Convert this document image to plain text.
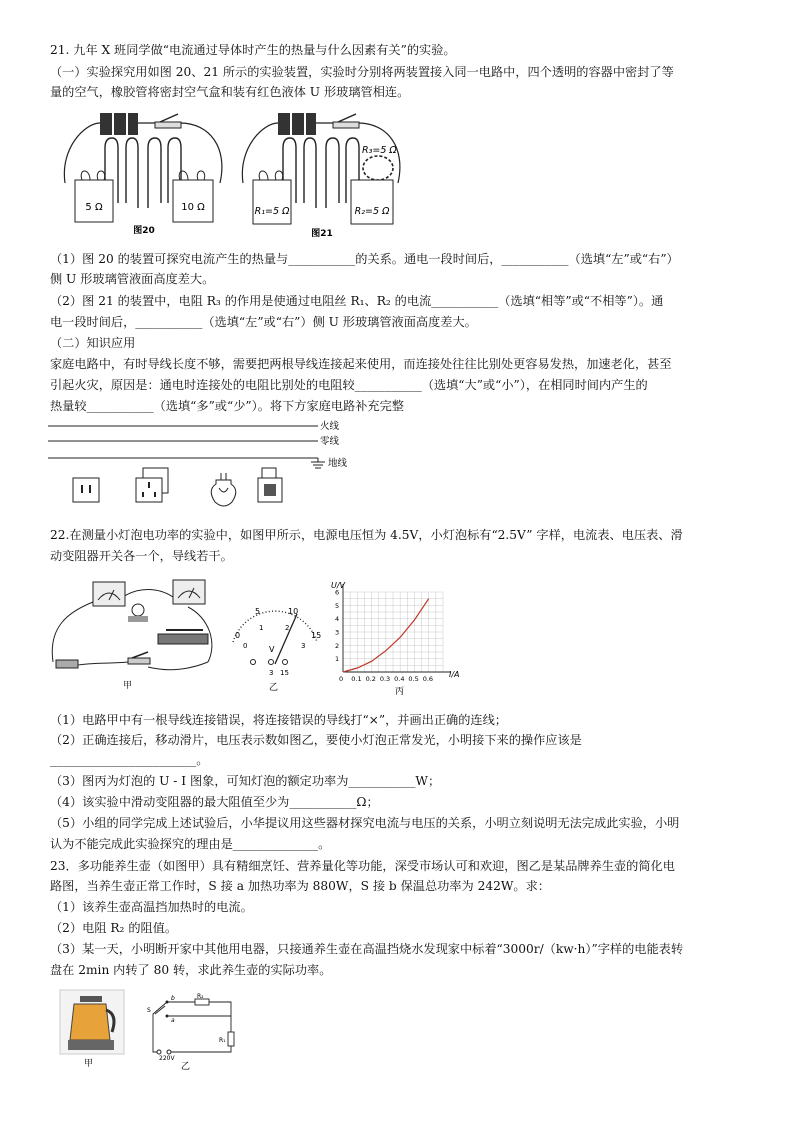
21. 九年 X 班同学做“电流通过导体时产生的热量与什么因素有关”的实验。
（一）实验探究用如图 20、21 所示的实验装置，实验时分别将两装置接入同一电路中，四个透明的容器中密封了等
量的空气，橡胶管将密封空气盒和装有红色液体 U 形玻璃管相连。
5 Ω	10 Ω
图20
R₃=5 Ω
R₁=5 Ω	R₂=5 Ω
图21
（1）图 20 的装置可探究电流产生的热量与___________的关系。通电一段时间后，___________（选填“左”或“右”）
侧 U 形玻璃管液面高度差大。
（2）图 21 的装置中，电阻 R₃ 的作用是使通过电阻丝 R₁、R₂ 的电流___________（选填“相等”或“不相等”）。通
电一段时间后，___________（选填“左”或“右”）侧 U 形玻璃管液面高度差大。
（二）知识应用
家庭电路中，有时导线长度不够，需要把两根导线连接起来使用，而连接处往往比别处更容易发热，加速老化，甚至
引起火灾，原因是：通电时连接处的电阻比别处的电阻较___________（选填“大”或“小”），在相同时间内产生的
热量较___________（选填“多”或“少”）。将下方家庭电路补充完整
火线
零线
地线
22.在测量小灯泡电功率的实验中，如图甲所示，电源电压恒为 4.5V，小灯泡标有“2.5V” 字样，电流表、电压表、滑
动变阻器开关各一个，导线若干。
甲
0
5	10
15
0
1	2
3
V
3 15
乙
0 0.1 0.2 0.3 0.4 0.5 0.6
1
2
3
4
5
6
U/V
I/A
丙
（1）电路甲中有一根导线连接错误，将连接错误的导线打“×”，并画出正确的连线；
（2）正确连接后，移动滑片，电压表示数如图乙，要使小灯泡正常发光，小明接下来的操作应该是
________________________。
（3）图丙为灯泡的 U - I 图象，可知灯泡的额定功率为___________W；
（4）该实验中滑动变阻器的最大阻值至少为___________Ω；
（5）小组的同学完成上述试验后，小华提议用这些器材探究电流与电压的关系，小明立刻说明无法完成此实验，小明
认为不能完成此实验探究的理由是______________。
23．多功能养生壶（如图甲）具有精细烹饪、营养量化等功能，深受市场认可和欢迎，图乙是某品牌养生壶的简化电
路图，当养生壶正常工作时，S 接 a 加热功率为 880W，S 接 b 保温总功率为 242W。求：
（1）该养生壶高温挡加热时的电流。
（2）电阻 R₂ 的阻值。
（3）某一天，小明断开家中其他用电器，只接通养生壶在高温挡烧水发现家中标着“3000r/（kw·h）”字样的电能表转
盘在 2min 内转了 80 转，求此养生壶的实际功率。
甲
b
a
S
R₂
R₁
220V
乙
